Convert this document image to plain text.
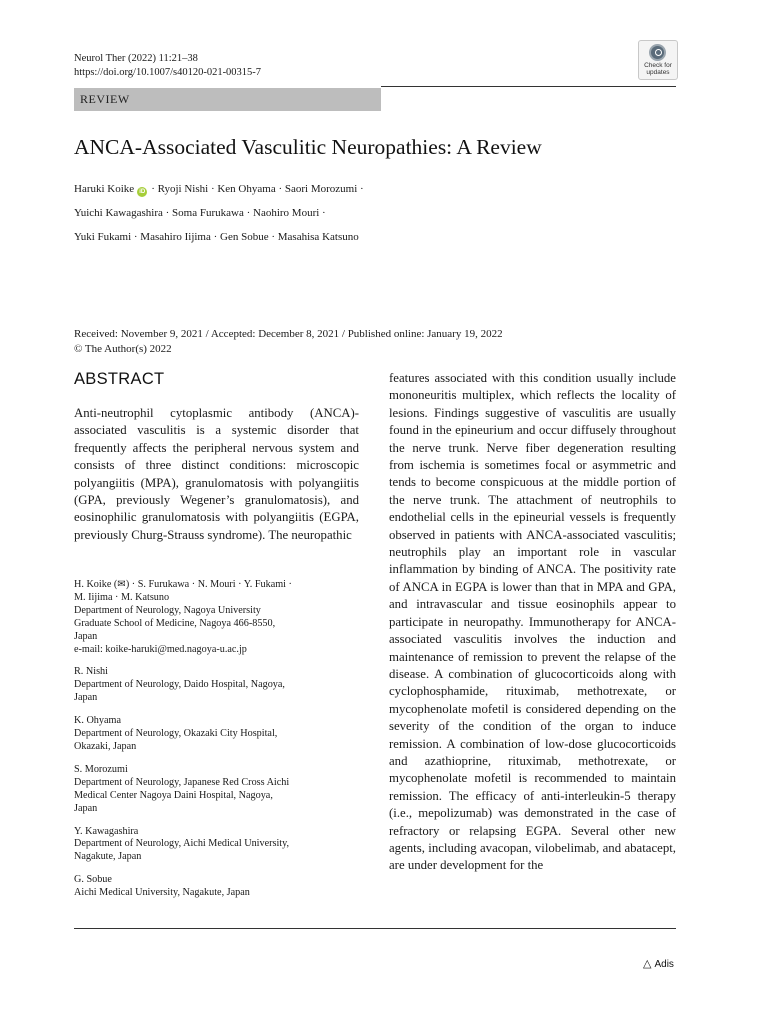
Neurol Ther (2022) 11:21–38
https://doi.org/10.1007/s40120-021-00315-7
Check for
updates
REVIEW
ANCA-Associated Vasculitic Neuropathies: A Review
Haruki Koike iD · Ryoji Nishi · Ken Ohyama · Saori Morozumi ·
Yuichi Kawagashira · Soma Furukawa · Naohiro Mouri ·
Yuki Fukami · Masahiro Iijima · Gen Sobue · Masahisa Katsuno
Received: November 9, 2021 / Accepted: December 8, 2021 / Published online: January 19, 2022
© The Author(s) 2022
ABSTRACT

Anti-neutrophil cytoplasmic antibody (ANCA)-associated vasculitis is a systemic disorder that frequently affects the peripheral nervous system and consists of three distinct conditions: microscopic polyangiitis (MPA), granulomatosis with polyangiitis (GPA, previously Wegener’s granulomatosis), and eosinophilic granulomatosis with polyangiitis (EGPA, previously Churg-Strauss syndrome). The neuropathic

H. Koike (✉) · S. Furukawa · N. Mouri · Y. Fukami ·
M. Iijima · M. Katsuno
Department of Neurology, Nagoya University
Graduate School of Medicine, Nagoya 466-8550,
Japan
e-mail: koike-haruki@med.nagoya-u.ac.jp
R. Nishi
Department of Neurology, Daido Hospital, Nagoya,
Japan
K. Ohyama
Department of Neurology, Okazaki City Hospital,
Okazaki, Japan
S. Morozumi
Department of Neurology, Japanese Red Cross Aichi
Medical Center Nagoya Daini Hospital, Nagoya,
Japan
Y. Kawagashira
Department of Neurology, Aichi Medical University,
Nagakute, Japan
G. Sobue
Aichi Medical University, Nagakute, Japan

features associated with this condition usually include mononeuritis multiplex, which reflects the locality of lesions. Findings suggestive of vasculitis are usually found in the epineurium and occur diffusely throughout the nerve trunk. Nerve fiber degeneration resulting from ischemia is sometimes focal or asymmetric and tends to become conspicuous at the middle portion of the nerve trunk. The attachment of neutrophils to endothelial cells in the epineurial vessels is frequently observed in patients with ANCA-associated vasculitis; neutrophils play an important role in vascular inflammation by binding of ANCA. The positivity rate of ANCA in EGPA is lower than that in MPA and GPA, and intravascular and tissue eosinophils appear to participate in neuropathy. Immunotherapy for ANCA-associated vasculitis involves the induction and maintenance of remission to prevent the relapse of the disease. A combination of glucocorticoids along with cyclophosphamide, rituximab, methotrexate, or mycophenolate mofetil is considered depending on the severity of the condition of the organ to induce remission. A combination of low-dose glucocorticoids and azathioprine, rituximab, methotrexate, or mycophenolate mofetil is recommended to maintain remission. The efficacy of anti-interleukin-5 therapy (i.e., mepolizumab) was demonstrated in the case of refractory or relapsing EGPA. Several other new agents, including avacopan, vilobelimab, and abatacept, are under development for the

△ Adis
